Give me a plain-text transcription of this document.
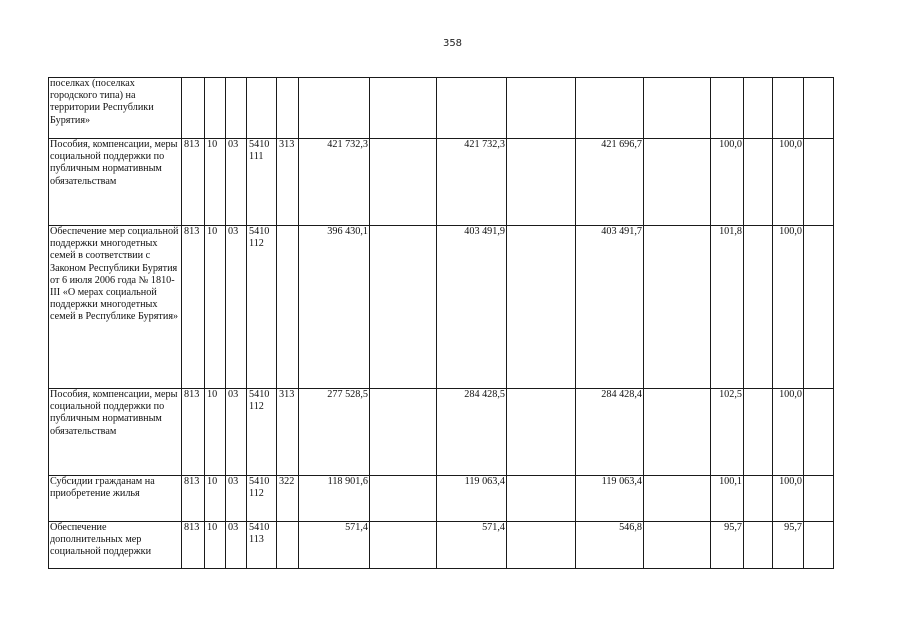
358
поселках (поселках городского типа) на территории Республики Бурятия»															
Пособия, компенсации, меры социальной поддержки по публичным нормативным обязательствам	813	10	03	5410 111	313	421 732,3		421 732,3		421 696,7		100,0		100,0	
Обеспечение мер социальной поддержки многодетных семей в соответствии с Законом Республики Бурятия от 6 июля 2006 года № 1810-III «О мерах социальной поддержки многодетных семей в Республике Бурятия»	813	10	03	5410 112		396 430,1		403 491,9		403 491,7		101,8		100,0	
Пособия, компенсации, меры социальной поддержки по публичным нормативным обязательствам	813	10	03	5410 112	313	277 528,5		284 428,5		284 428,4		102,5		100,0	
Субсидии гражданам на приобретение жилья	813	10	03	5410 112	322	118 901,6		119 063,4		119 063,4		100,1		100,0	
Обеспечение дополнительных мер социальной поддержки	813	10	03	5410 113		571,4		571,4		546,8		95,7		95,7	
